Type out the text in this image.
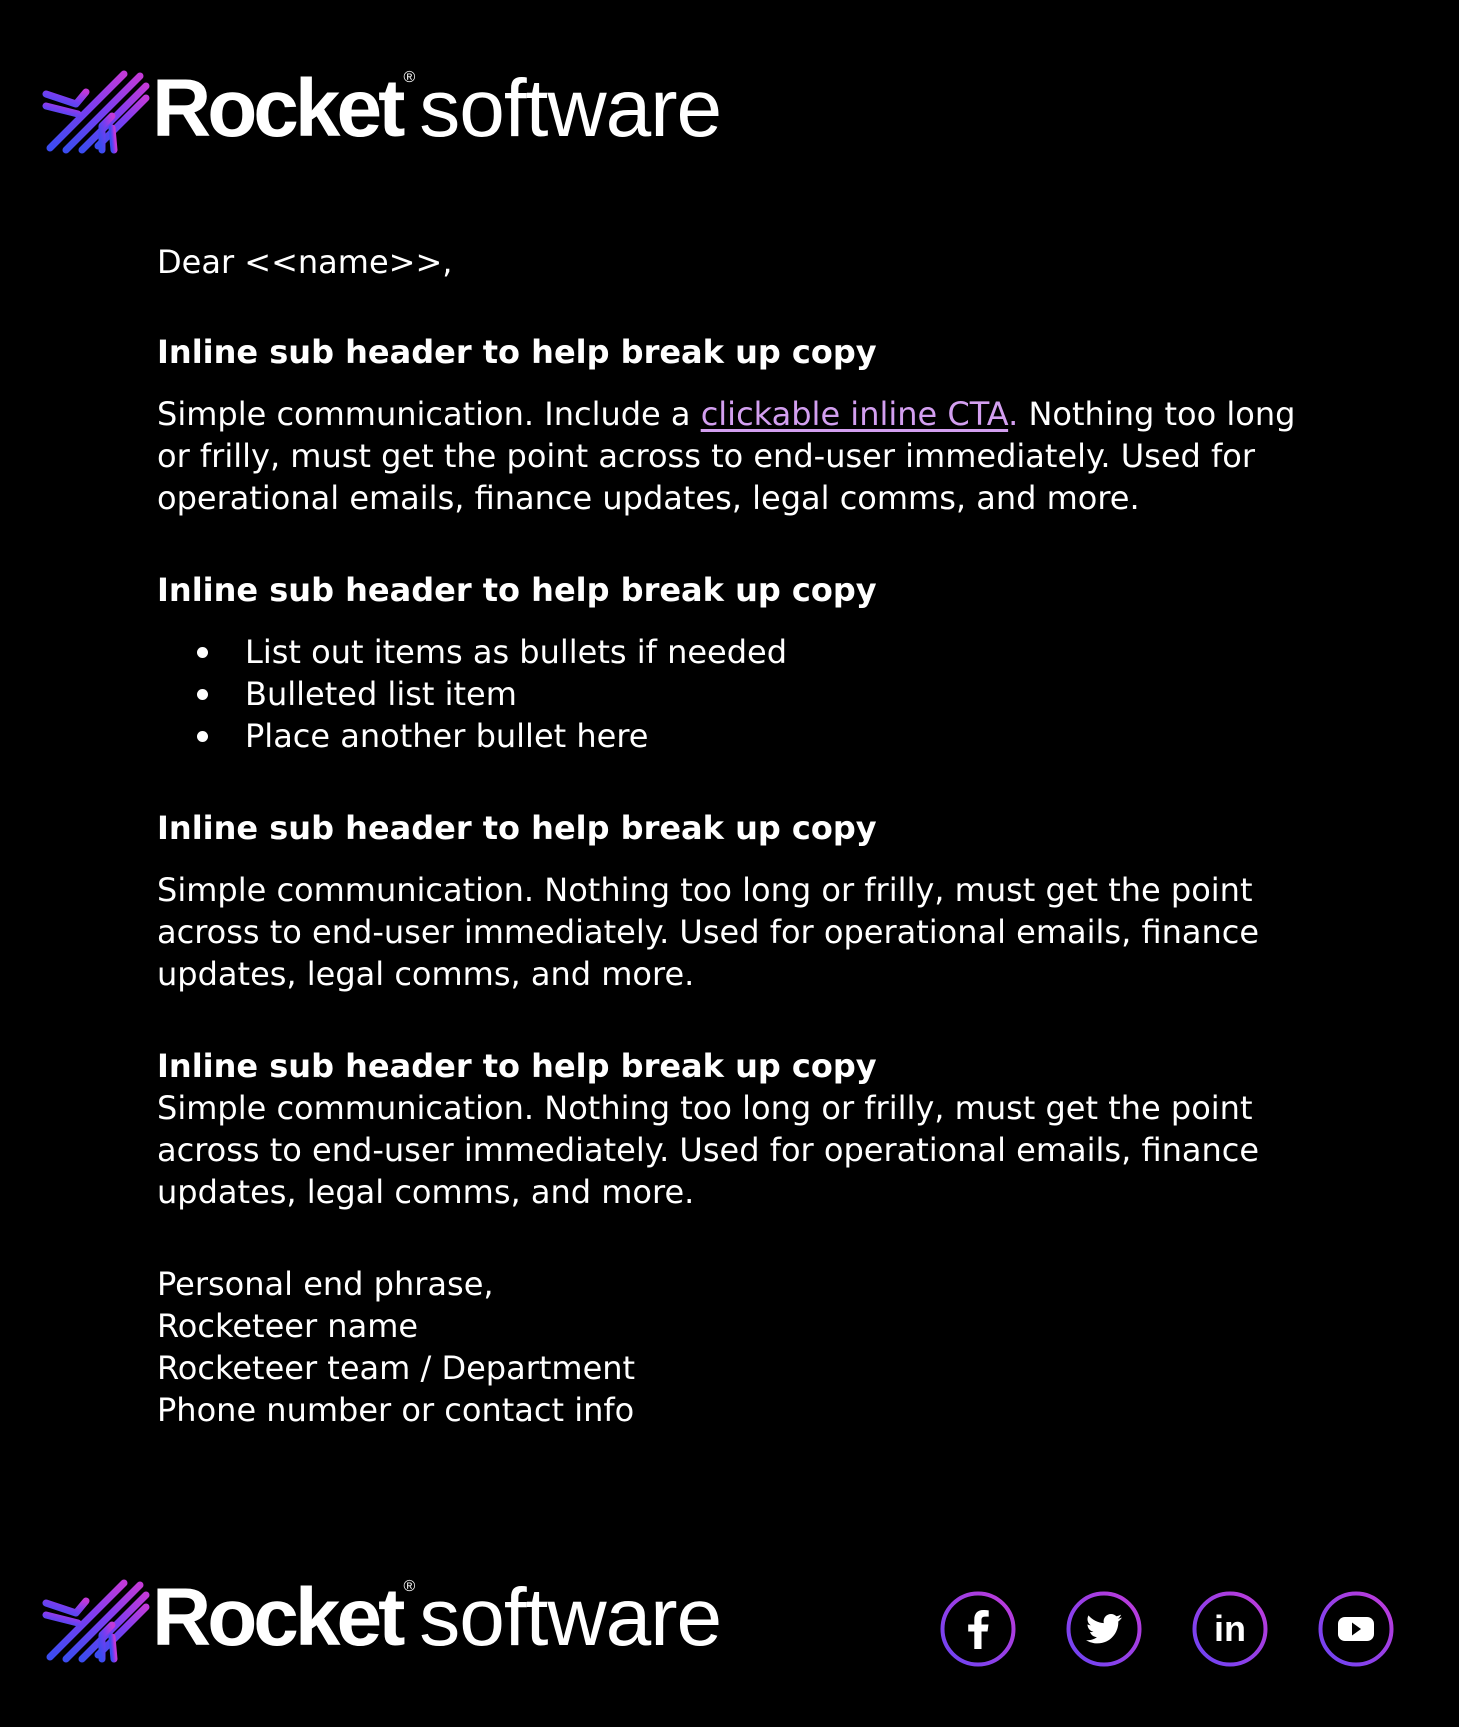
Rocket ® software

Dear <<name>>,

Inline sub header to help break up copy

Simple communication. Include a clickable inline CTA. Nothing too long or frilly, must get the point across to end-user immediately. Used for operational emails, finance updates, legal comms, and more.

Inline sub header to help break up copy

List out items as bullets if needed
Bulleted list item
Place another bullet here

Inline sub header to help break up copy

Simple communication. Nothing too long or frilly, must get the point across to end-user immediately. Used for operational emails, finance updates, legal comms, and more.

Inline sub header to help break up copy

Simple communication. Nothing too long or frilly, must get the point across to end-user immediately. Used for operational emails, finance updates, legal comms, and more.

Personal end phrase,

Rocketeer name

Rocketeer team / Department

Phone number or contact info

Rocket ® software	in
